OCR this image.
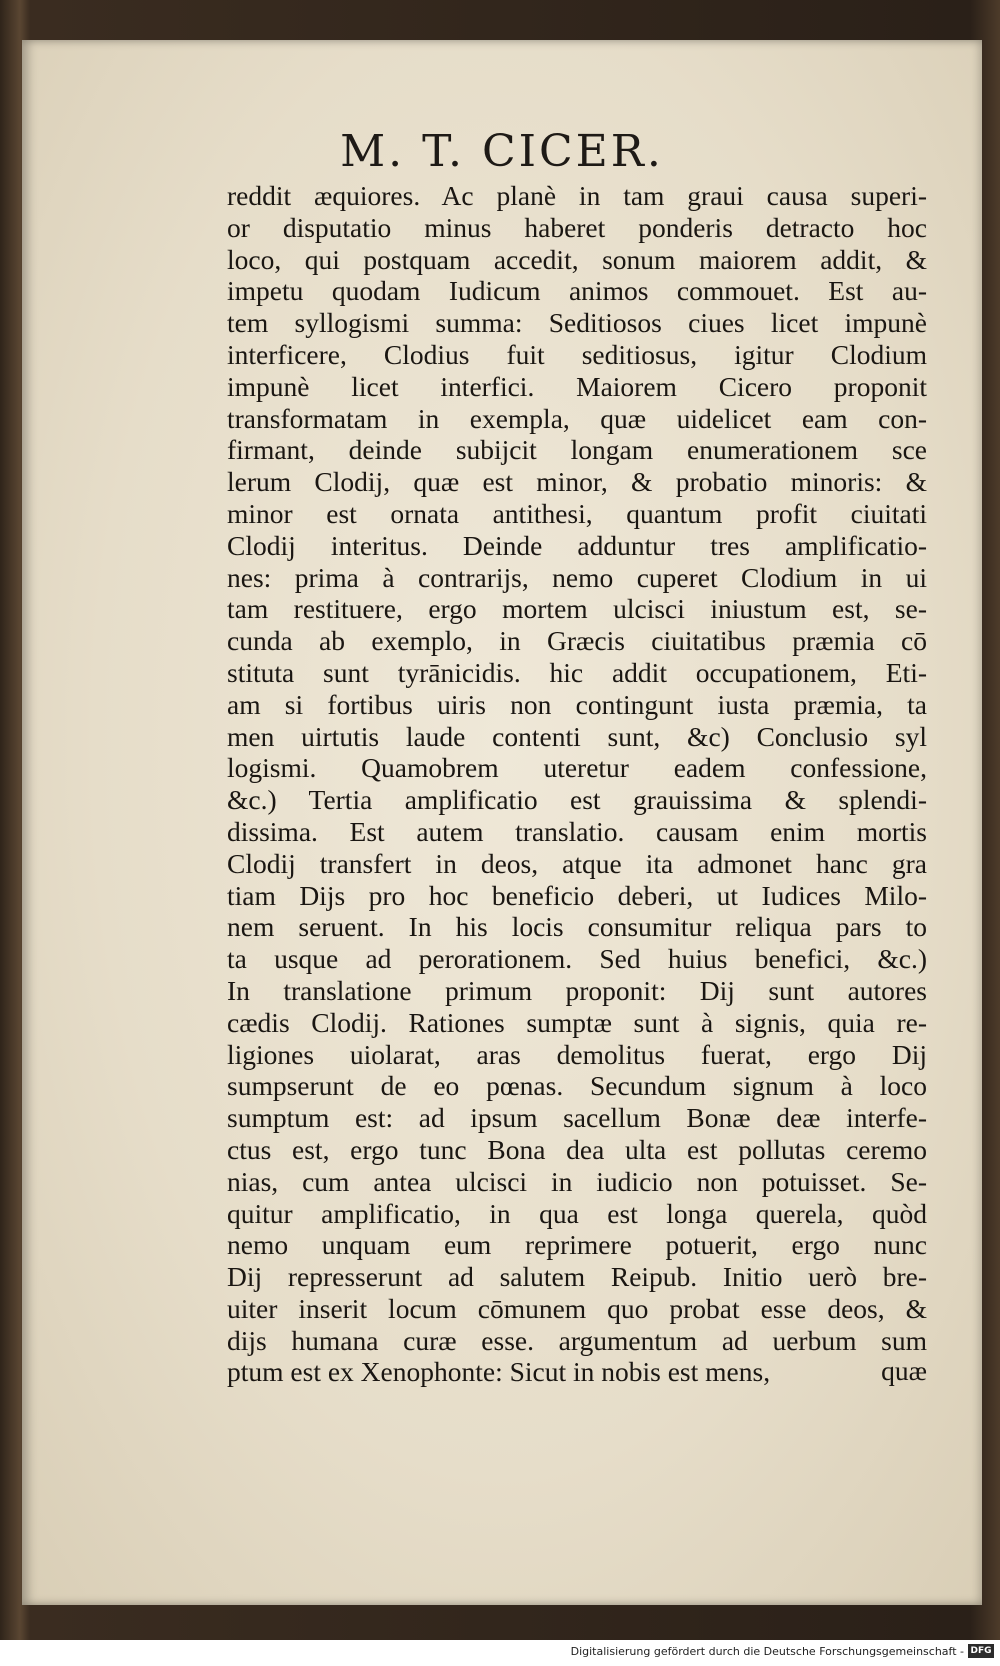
M. T. CICER.
reddit æquiores. Ac planè in tam graui causa superi-
or disputatio minus haberet ponderis detracto hoc
loco, qui postquam accedit, sonum maiorem addit, &
impetu quodam Iudicum animos commouet. Est au-
tem syllogismi summa: Seditiosos ciues licet impunè
interficere, Clodius fuit seditiosus, igitur Clodium
impunè licet interfici. Maiorem Cicero proponit
transformatam in exempla, quæ uidelicet eam con-
firmant, deinde subijcit longam enumerationem sce
lerum Clodij, quæ est minor, & probatio minoris: &
minor est ornata antithesi, quantum profit ciuitati
Clodij interitus. Deinde adduntur tres amplificatio-
nes: prima à contrarijs, nemo cuperet Clodium in ui
tam restituere, ergo mortem ulcisci iniustum est, se-
cunda ab exemplo, in Græcis ciuitatibus præmia cō
stituta sunt tyrānicidis. hic addit occupationem, Eti-
am si fortibus uiris non contingunt iusta præmia, ta
men uirtutis laude contenti sunt, &c) Conclusio syl
logismi. Quamobrem uteretur eadem confessione,
&c.) Tertia amplificatio est grauissima & splendi-
dissima. Est autem translatio. causam enim mortis
Clodij transfert in deos, atque ita admonet hanc gra
tiam Dijs pro hoc beneficio deberi, ut Iudices Milo-
nem seruent. In his locis consumitur reliqua pars to
ta usque ad perorationem. Sed huius benefici, &c.)
In translatione primum proponit: Dij sunt autores
cædis Clodij. Rationes sumptæ sunt à signis, quia re-
ligiones uiolarat, aras demolitus fuerat, ergo Dij
sumpserunt de eo pœnas. Secundum signum à loco
sumptum est: ad ipsum sacellum Bonæ deæ interfe-
ctus est, ergo tunc Bona dea ulta est pollutas ceremo
nias, cum antea ulcisci in iudicio non potuisset. Se-
quitur amplificatio, in qua est longa querela, quòd
nemo unquam eum reprimere potuerit, ergo nunc
Dij represserunt ad salutem Reipub. Initio uerò bre-
uiter inserit locum cōmunem quo probat esse deos, &
dijs humana curæ esse. argumentum ad uerbum sum
ptum est ex Xenophonte: Sicut in nobis est mens,	quæ
Digitalisierung gefördert durch die Deutsche Forschungsgemeinschaft - DFG
